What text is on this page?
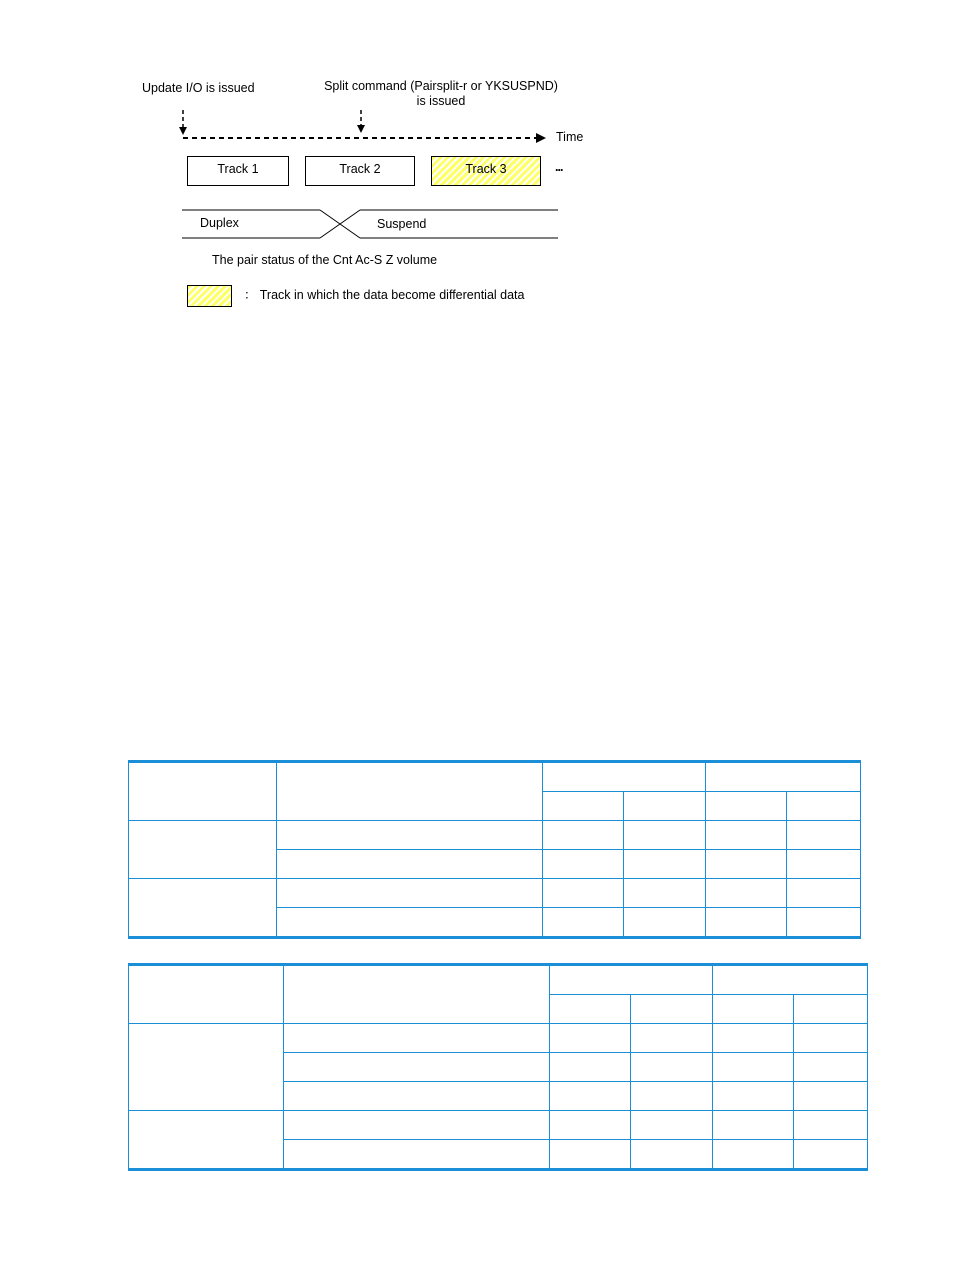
Update I/O is issued	Split command (Pairsplit-r or YKSUSPND)
is issued
Time
Track 1	Track 2	Track 3	...
Duplex	Suspend
The pair status of the Cnt Ac-S Z volume
： Track in which the data become differential data
